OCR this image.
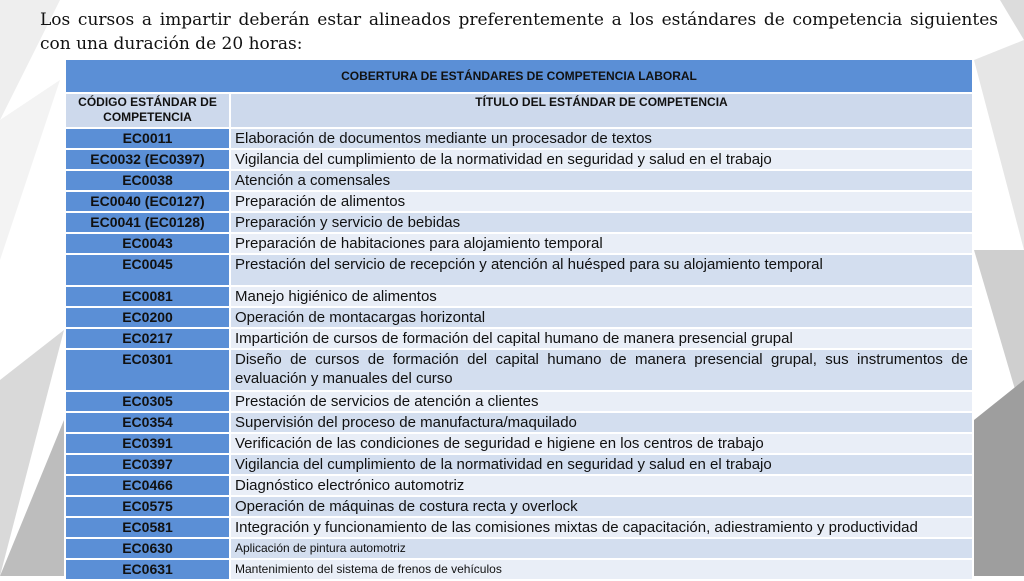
Los cursos a impartir deberán estar alineados preferentemente a los estándares de competencia siguientes con una duración de 20 horas:

COBERTURA DE ESTÁNDARES DE COMPETENCIA LABORAL	
CÓDIGO ESTÁNDAR DE COMPETENCIA	TÍTULO DEL ESTÁNDAR DE COMPETENCIA
EC0011	Elaboración de documentos mediante un procesador de textos
EC0032 (EC0397)	Vigilancia del cumplimiento de la normatividad en seguridad y salud en el trabajo
EC0038	Atención a comensales
EC0040 (EC0127)	Preparación de alimentos
EC0041 (EC0128)	Preparación y servicio de bebidas
EC0043	Preparación de habitaciones para alojamiento temporal
EC0045	Prestación del servicio de recepción y atención al huésped para su alojamiento temporal
EC0081	Manejo higiénico de alimentos
EC0200	Operación de montacargas horizontal
EC0217	Impartición de cursos de formación del capital humano de manera presencial grupal
EC0301	Diseño de cursos de formación del capital humano de manera presencial grupal, sus instrumentos de evaluación y manuales del curso
EC0305	Prestación de servicios de atención a clientes
EC0354	Supervisión del proceso de manufactura/maquilado
EC0391	Verificación de las condiciones de seguridad e higiene en los centros de trabajo
EC0397	Vigilancia del cumplimiento de la normatividad en seguridad y salud en el trabajo
EC0466	Diagnóstico electrónico automotriz
EC0575	Operación de máquinas de costura recta y overlock
EC0581	Integración y funcionamiento de las comisiones mixtas de capacitación, adiestramiento y productividad
EC0630	Aplicación de pintura automotriz
EC0631	Mantenimiento del sistema de frenos de vehículos
